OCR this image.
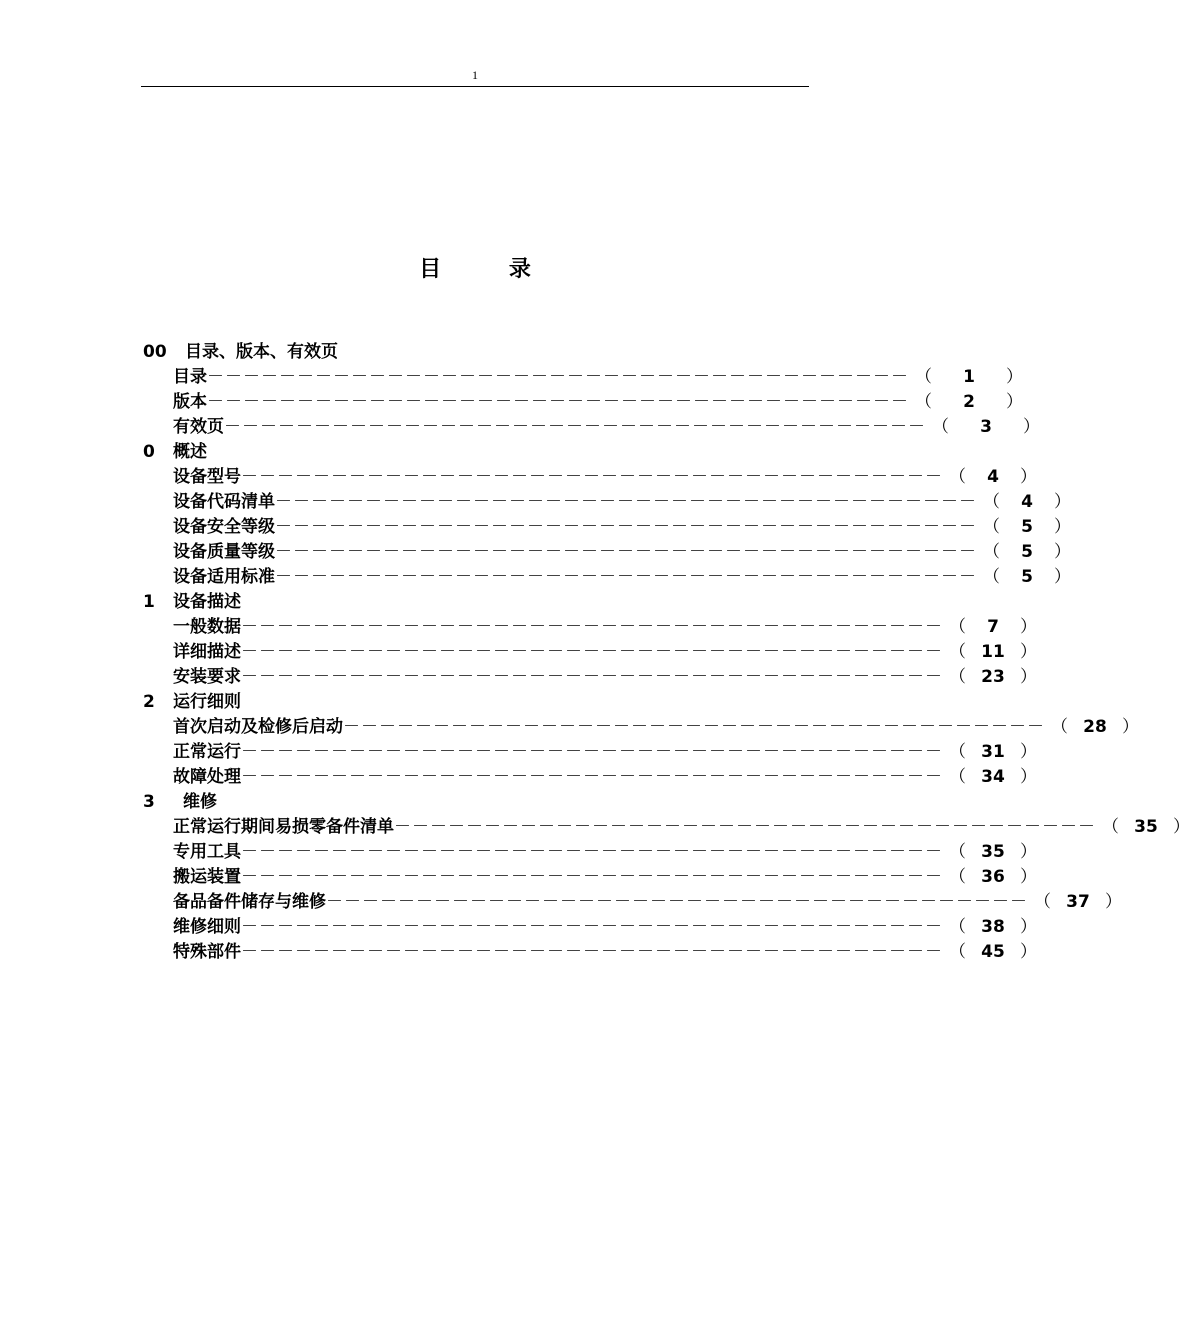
1
目	录
00 目录、版本、有效页
目录 －－－－－－－－－－－－－－－－－－－－－－－－－－－－－－－－－－－－－－－ （	1	）
版本 －－－－－－－－－－－－－－－－－－－－－－－－－－－－－－－－－－－－－－－ （	2	）
有效页 －－－－－－－－－－－－－－－－－－－－－－－－－－－－－－－－－－－－－－－ （	3	）
0 概述
设备型号 －－－－－－－－－－－－－－－－－－－－－－－－－－－－－－－－－－－－－－－ （	4	）
设备代码清单 －－－－－－－－－－－－－－－－－－－－－－－－－－－－－－－－－－－－－－－ （	4	）
设备安全等级 －－－－－－－－－－－－－－－－－－－－－－－－－－－－－－－－－－－－－－－ （	5	）
设备质量等级 －－－－－－－－－－－－－－－－－－－－－－－－－－－－－－－－－－－－－－－ （	5	）
设备适用标准 －－－－－－－－－－－－－－－－－－－－－－－－－－－－－－－－－－－－－－－ （	5	）
1 设备描述
一般数据 －－－－－－－－－－－－－－－－－－－－－－－－－－－－－－－－－－－－－－－ （	7	）
详细描述 －－－－－－－－－－－－－－－－－－－－－－－－－－－－－－－－－－－－－－－ （ 11 ）
安装要求 －－－－－－－－－－－－－－－－－－－－－－－－－－－－－－－－－－－－－－－ （ 23 ）
2 运行细则
首次启动及检修后启动 －－－－－－－－－－－－－－－－－－－－－－－－－－－－－－－－－－－－－－－ （ 28 ）
正常运行 －－－－－－－－－－－－－－－－－－－－－－－－－－－－－－－－－－－－－－－ （ 31 ）
故障处理 －－－－－－－－－－－－－－－－－－－－－－－－－－－－－－－－－－－－－－－ （ 34 ）
3 维修
正常运行期间易损零备件清单 －－－－－－－－－－－－－－－－－－－－－－－－－－－－－－－－－－－－－－－ （ 35 ）
专用工具 －－－－－－－－－－－－－－－－－－－－－－－－－－－－－－－－－－－－－－－ （ 35 ）
搬运装置 －－－－－－－－－－－－－－－－－－－－－－－－－－－－－－－－－－－－－－－ （ 36 ）
备品备件储存与维修 －－－－－－－－－－－－－－－－－－－－－－－－－－－－－－－－－－－－－－－ （ 37 ）
维修细则 －－－－－－－－－－－－－－－－－－－－－－－－－－－－－－－－－－－－－－－ （ 38 ）
特殊部件 －－－－－－－－－－－－－－－－－－－－－－－－－－－－－－－－－－－－－－－ （ 45 ）
